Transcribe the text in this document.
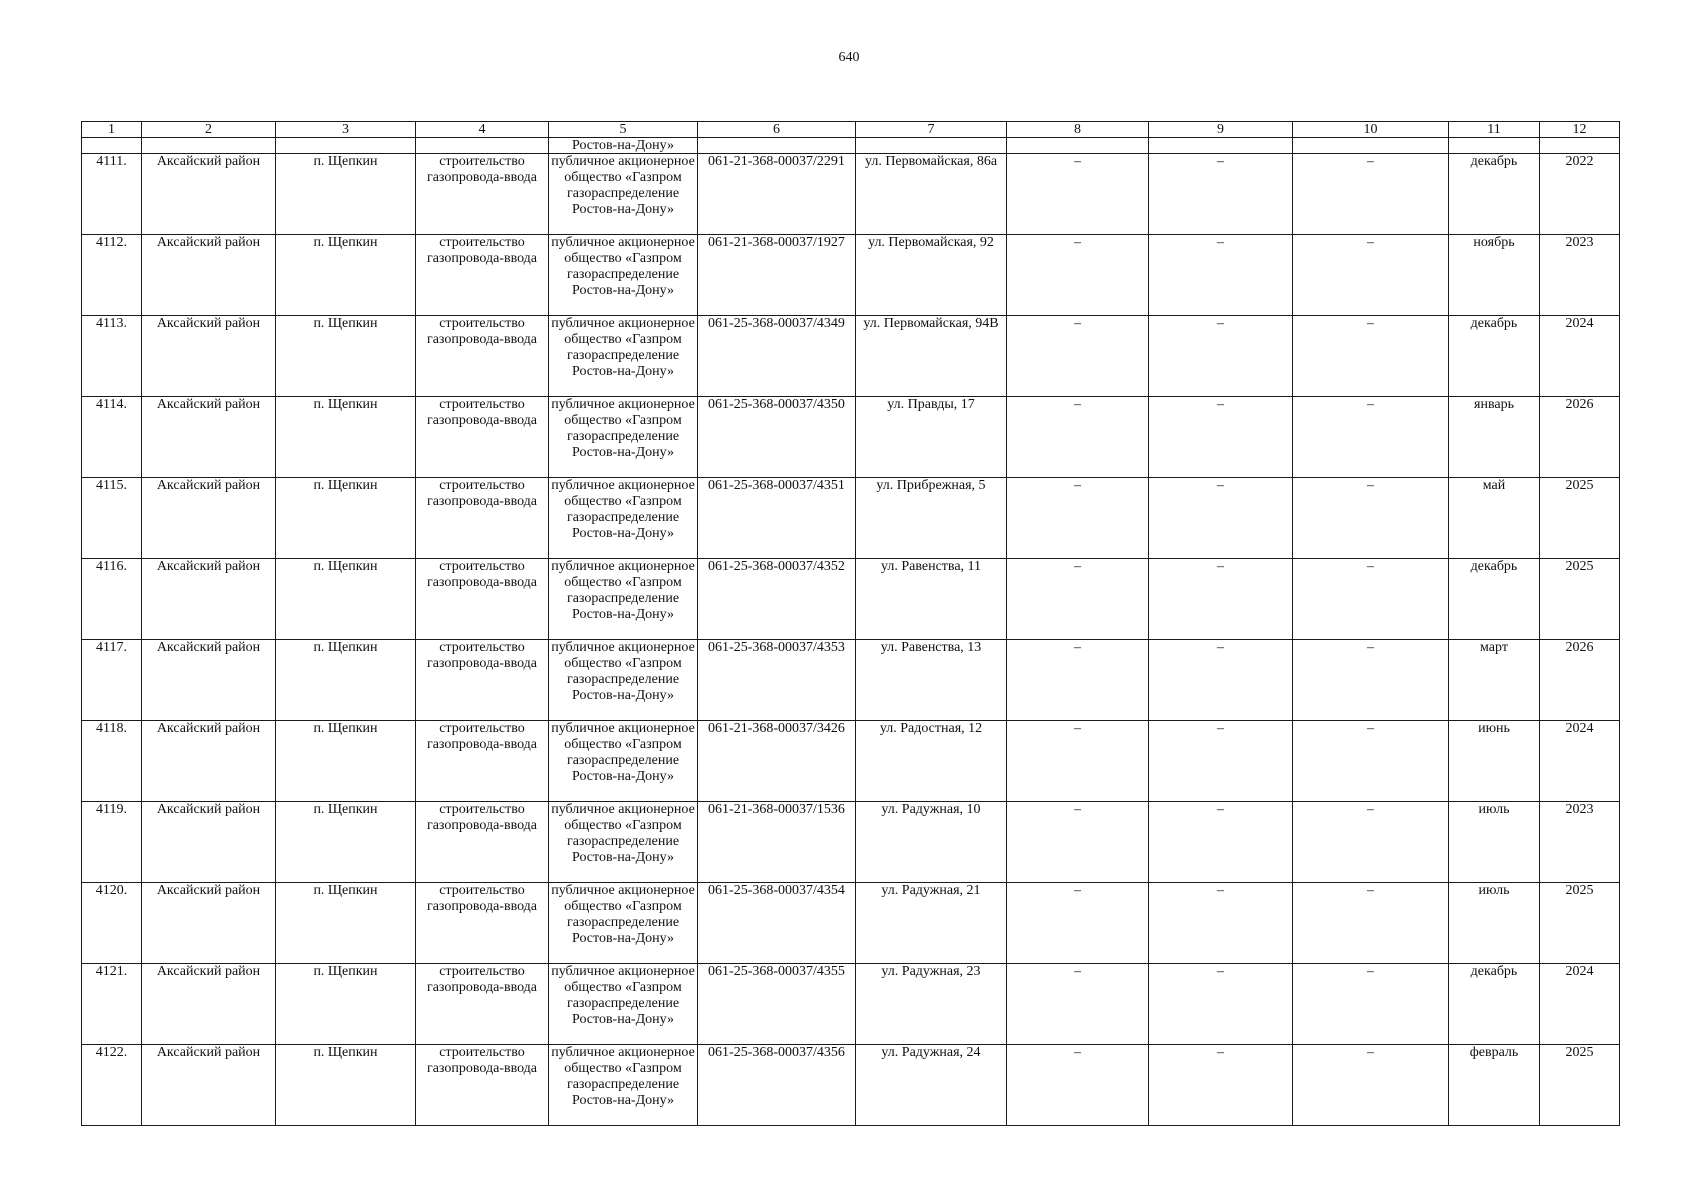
640
1	2	3	4	5	6	7	8	9	10	11	12
				Ростов-на-Дону»							
4111.	Аксайский район	п. Щепкин	строительство газопровода-ввода	публичное акционерное общество «Газпром газораспределение Ростов-на-Дону»	061-21-368-00037/2291	ул. Первомайская, 86а	–	–	–	декабрь	2022
4112.	Аксайский район	п. Щепкин	строительство газопровода-ввода	публичное акционерное общество «Газпром газораспределение Ростов-на-Дону»	061-21-368-00037/1927	ул. Первомайская, 92	–	–	–	ноябрь	2023
4113.	Аксайский район	п. Щепкин	строительство газопровода-ввода	публичное акционерное общество «Газпром газораспределение Ростов-на-Дону»	061-25-368-00037/4349	ул. Первомайская, 94В	–	–	–	декабрь	2024
4114.	Аксайский район	п. Щепкин	строительство газопровода-ввода	публичное акционерное общество «Газпром газораспределение Ростов-на-Дону»	061-25-368-00037/4350	ул. Правды, 17	–	–	–	январь	2026
4115.	Аксайский район	п. Щепкин	строительство газопровода-ввода	публичное акционерное общество «Газпром газораспределение Ростов-на-Дону»	061-25-368-00037/4351	ул. Прибрежная, 5	–	–	–	май	2025
4116.	Аксайский район	п. Щепкин	строительство газопровода-ввода	публичное акционерное общество «Газпром газораспределение Ростов-на-Дону»	061-25-368-00037/4352	ул. Равенства, 11	–	–	–	декабрь	2025
4117.	Аксайский район	п. Щепкин	строительство газопровода-ввода	публичное акционерное общество «Газпром газораспределение Ростов-на-Дону»	061-25-368-00037/4353	ул. Равенства, 13	–	–	–	март	2026
4118.	Аксайский район	п. Щепкин	строительство газопровода-ввода	публичное акционерное общество «Газпром газораспределение Ростов-на-Дону»	061-21-368-00037/3426	ул. Радостная, 12	–	–	–	июнь	2024
4119.	Аксайский район	п. Щепкин	строительство газопровода-ввода	публичное акционерное общество «Газпром газораспределение Ростов-на-Дону»	061-21-368-00037/1536	ул. Радужная, 10	–	–	–	июль	2023
4120.	Аксайский район	п. Щепкин	строительство газопровода-ввода	публичное акционерное общество «Газпром газораспределение Ростов-на-Дону»	061-25-368-00037/4354	ул. Радужная, 21	–	–	–	июль	2025
4121.	Аксайский район	п. Щепкин	строительство газопровода-ввода	публичное акционерное общество «Газпром газораспределение Ростов-на-Дону»	061-25-368-00037/4355	ул. Радужная, 23	–	–	–	декабрь	2024
4122.	Аксайский район	п. Щепкин	строительство газопровода-ввода	публичное акционерное общество «Газпром газораспределение Ростов-на-Дону»	061-25-368-00037/4356	ул. Радужная, 24	–	–	–	февраль	2025
